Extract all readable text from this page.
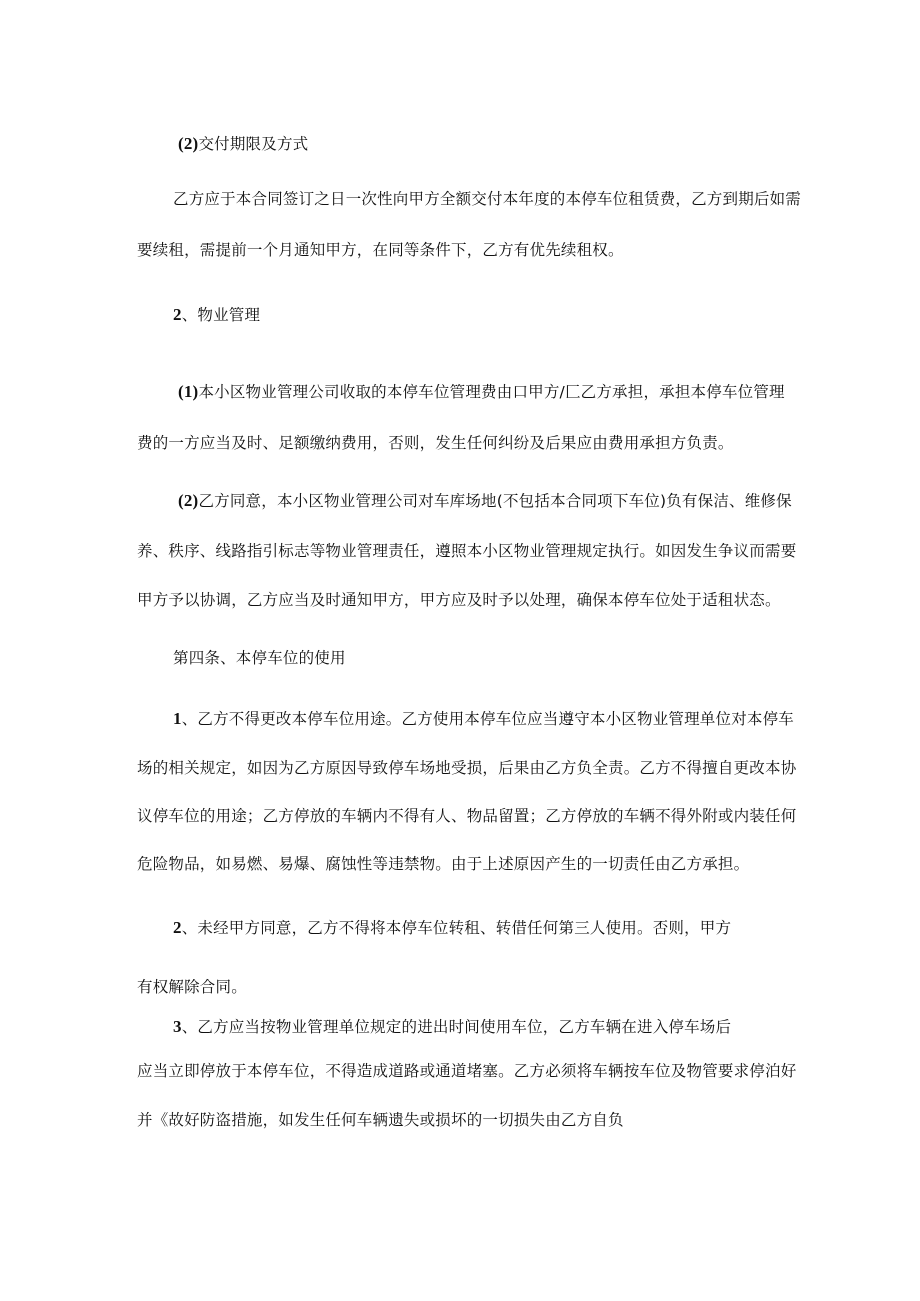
(2)交付期限及方式

乙方应于本合同签订之日一次性向甲方全额交付本年度的本停车位租赁费，乙方到期后如需

要续租，需提前一个月通知甲方，在同等条件下，乙方有优先续租权。

2、物业管理

(1)本小区物业管理公司收取的本停车位管理费由口甲方/匚乙方承担，承担本停车位管理

费的一方应当及时、足额缴纳费用，否则，发生任何纠纷及后果应由费用承担方负责。

(2)乙方同意，本小区物业管理公司对车库场地(不包括本合同项下车位)负有保洁、维修保

养、秩序、线路指引标志等物业管理责任，遵照本小区物业管理规定执行。如因发生争议而需要

甲方予以协调，乙方应当及时通知甲方，甲方应及时予以处理，确保本停车位处于适租状态。

第四条、本停车位的使用

1、乙方不得更改本停车位用途。乙方使用本停车位应当遵守本小区物业管理单位对本停车

场的相关规定，如因为乙方原因导致停车场地受损，后果由乙方负全责。乙方不得擅自更改本协

议停车位的用途；乙方停放的车辆内不得有人、物品留置；乙方停放的车辆不得外附或内装任何

危险物品，如易燃、易爆、腐蚀性等违禁物。由于上述原因产生的一切责任由乙方承担。

2、未经甲方同意，乙方不得将本停车位转租、转借任何第三人使用。否则，甲方

有权解除合同。

3、乙方应当按物业管理单位规定的进出时间使用车位，乙方车辆在进入停车场后

应当立即停放于本停车位，不得造成道路或通道堵塞。乙方必须将车辆按车位及物管要求停泊好

并《故好防盗措施，如发生任何车辆遗失或损坏的一切损失由乙方自负
